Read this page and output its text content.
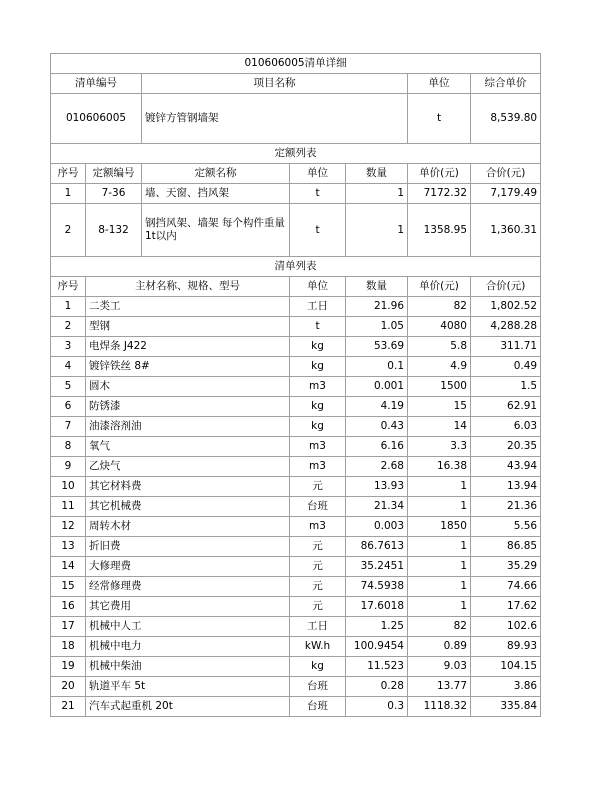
010606005清单详细						
清单编号		项目名称			单位	综合单价
010606005		镀锌方管钢墙架			t	8,539.80
定额列表						
序号	定额编号	定额名称	单位	数量	单价(元)	合价(元)
1	7-36	墙、天窗、挡风架	t	1	7172.32	7,179.49
2	8-132	钢挡风架、墙架 每个构件重量 1t以内	t	1	1358.95	1,360.31
清单列表						
序号	主材名称、规格、型号		单位	数量	单价(元)	合价(元)
1	二类工		工日	21.96	82	1,802.52
2	型钢		t	1.05	4080	4,288.28
3	电焊条 J422		kg	53.69	5.8	311.71
4	镀锌铁丝 8#		kg	0.1	4.9	0.49
5	圆木		m3	0.001	1500	1.5
6	防锈漆		kg	4.19	15	62.91
7	油漆溶剂油		kg	0.43	14	6.03
8	氧气		m3	6.16	3.3	20.35
9	乙炔气		m3	2.68	16.38	43.94
10	其它材料费		元	13.93	1	13.94
11	其它机械费		台班	21.34	1	21.36
12	周转木材		m3	0.003	1850	5.56
13	折旧费		元	86.7613	1	86.85
14	大修理费		元	35.2451	1	35.29
15	经常修理费		元	74.5938	1	74.66
16	其它费用		元	17.6018	1	17.62
17	机械中人工		工日	1.25	82	102.6
18	机械中电力		kW.h	100.9454	0.89	89.93
19	机械中柴油		kg	11.523	9.03	104.15
20	轨道平车 5t		台班	0.28	13.77	3.86
21	汽车式起重机 20t		台班	0.3	1118.32	335.84
